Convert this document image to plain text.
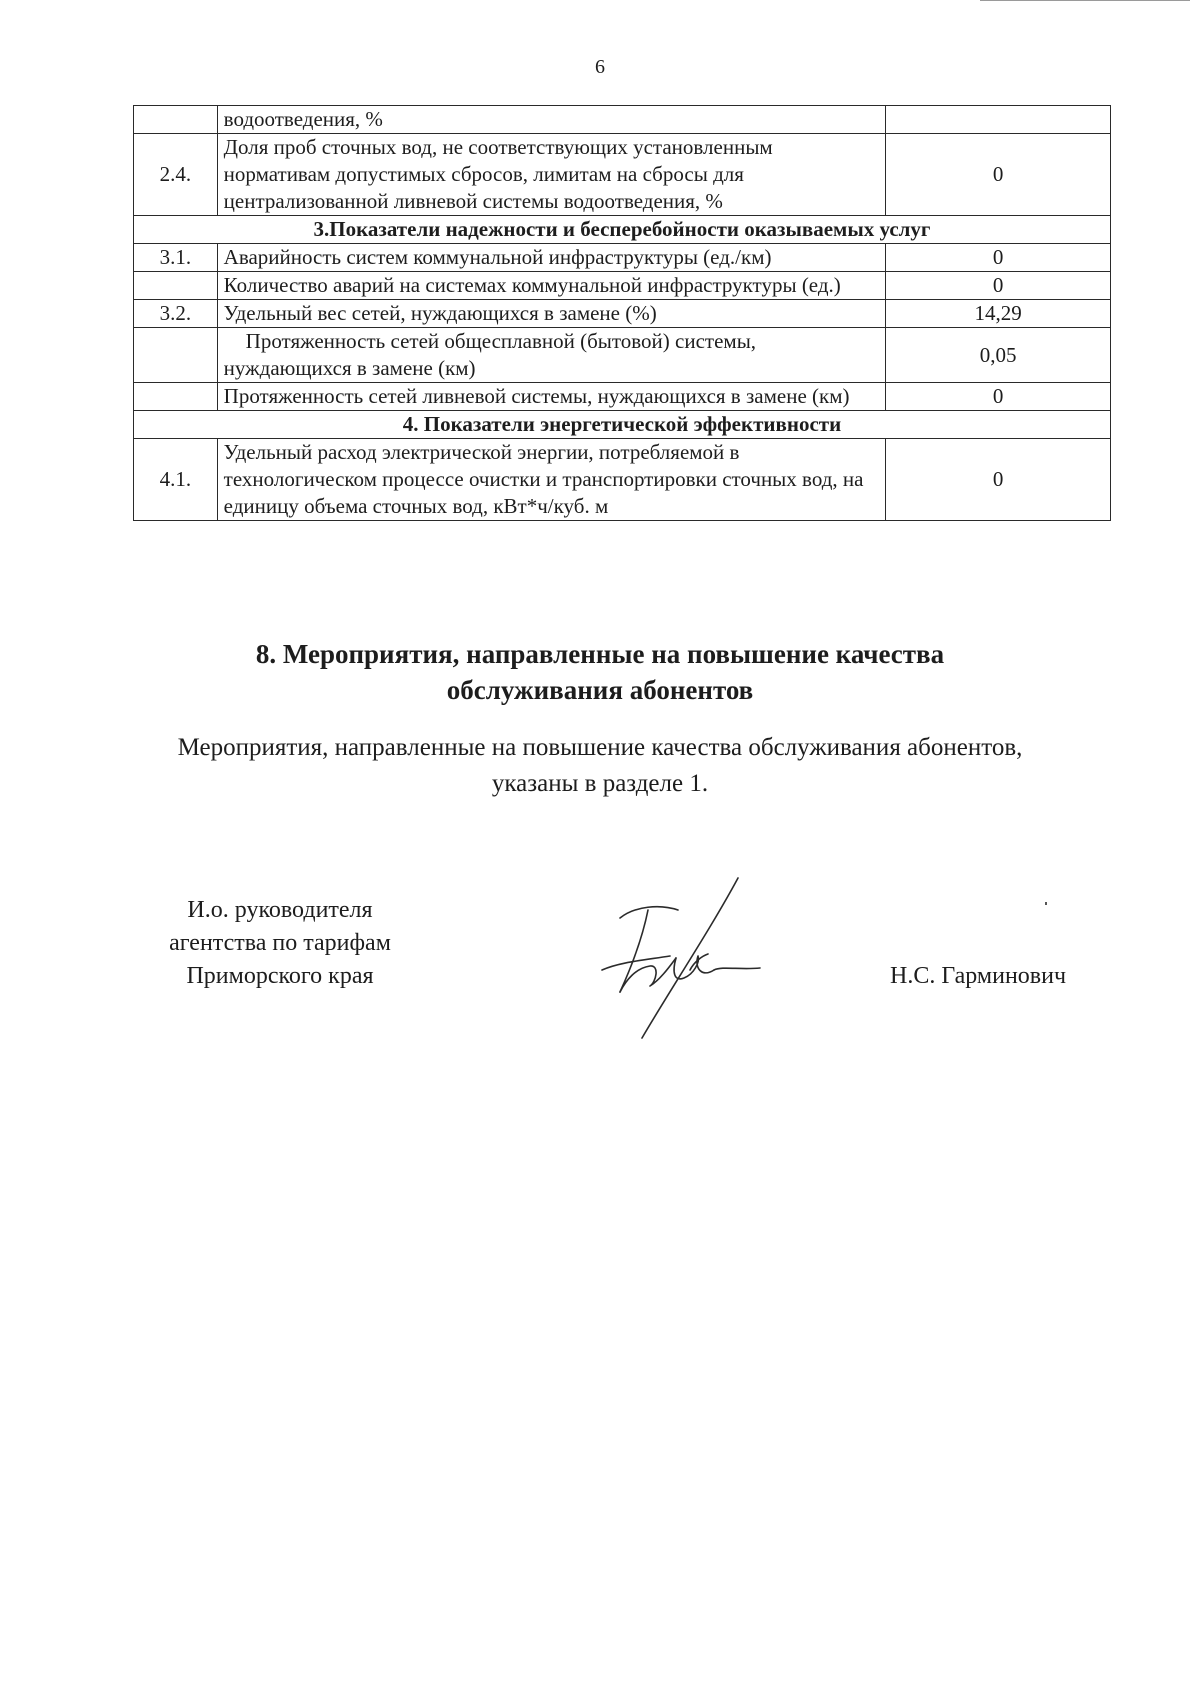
6
	водоотведения, %	
2.4.	Доля проб сточных вод, не соответствующих установленным нормативам допустимых сбросов, лимитам на сбросы для централизованной ливневой системы водоотведения, %	0
3.Показатели надежности и бесперебойности оказываемых услуг		
3.1.	Аварийность систем коммунальной инфраструктуры (ед./км)	0
	Количество аварий на системах коммунальной инфраструктуры (ед.)	0
3.2.	Удельный вес сетей, нуждающихся в замене (%)	14,29
	Протяженность сетей общесплавной (бытовой) системы, нуждающихся в замене (км)	0,05
	Протяженность сетей ливневой системы, нуждающихся в замене (км)	0
4. Показатели энергетической эффективности		
4.1.	Удельный расход электрической энергии, потребляемой в технологическом процессе очистки и транспортировки сточных вод, на единицу объема сточных вод, кВт*ч/куб. м	0
8. Мероприятия, направленные на повышение качества
обслуживания абонентов
Мероприятия, направленные на повышение качества обслуживания абонентов,
указаны в разделе 1.
И.о. руководителя
агентства по тарифам
Приморского края	Н.С. Гарминович
